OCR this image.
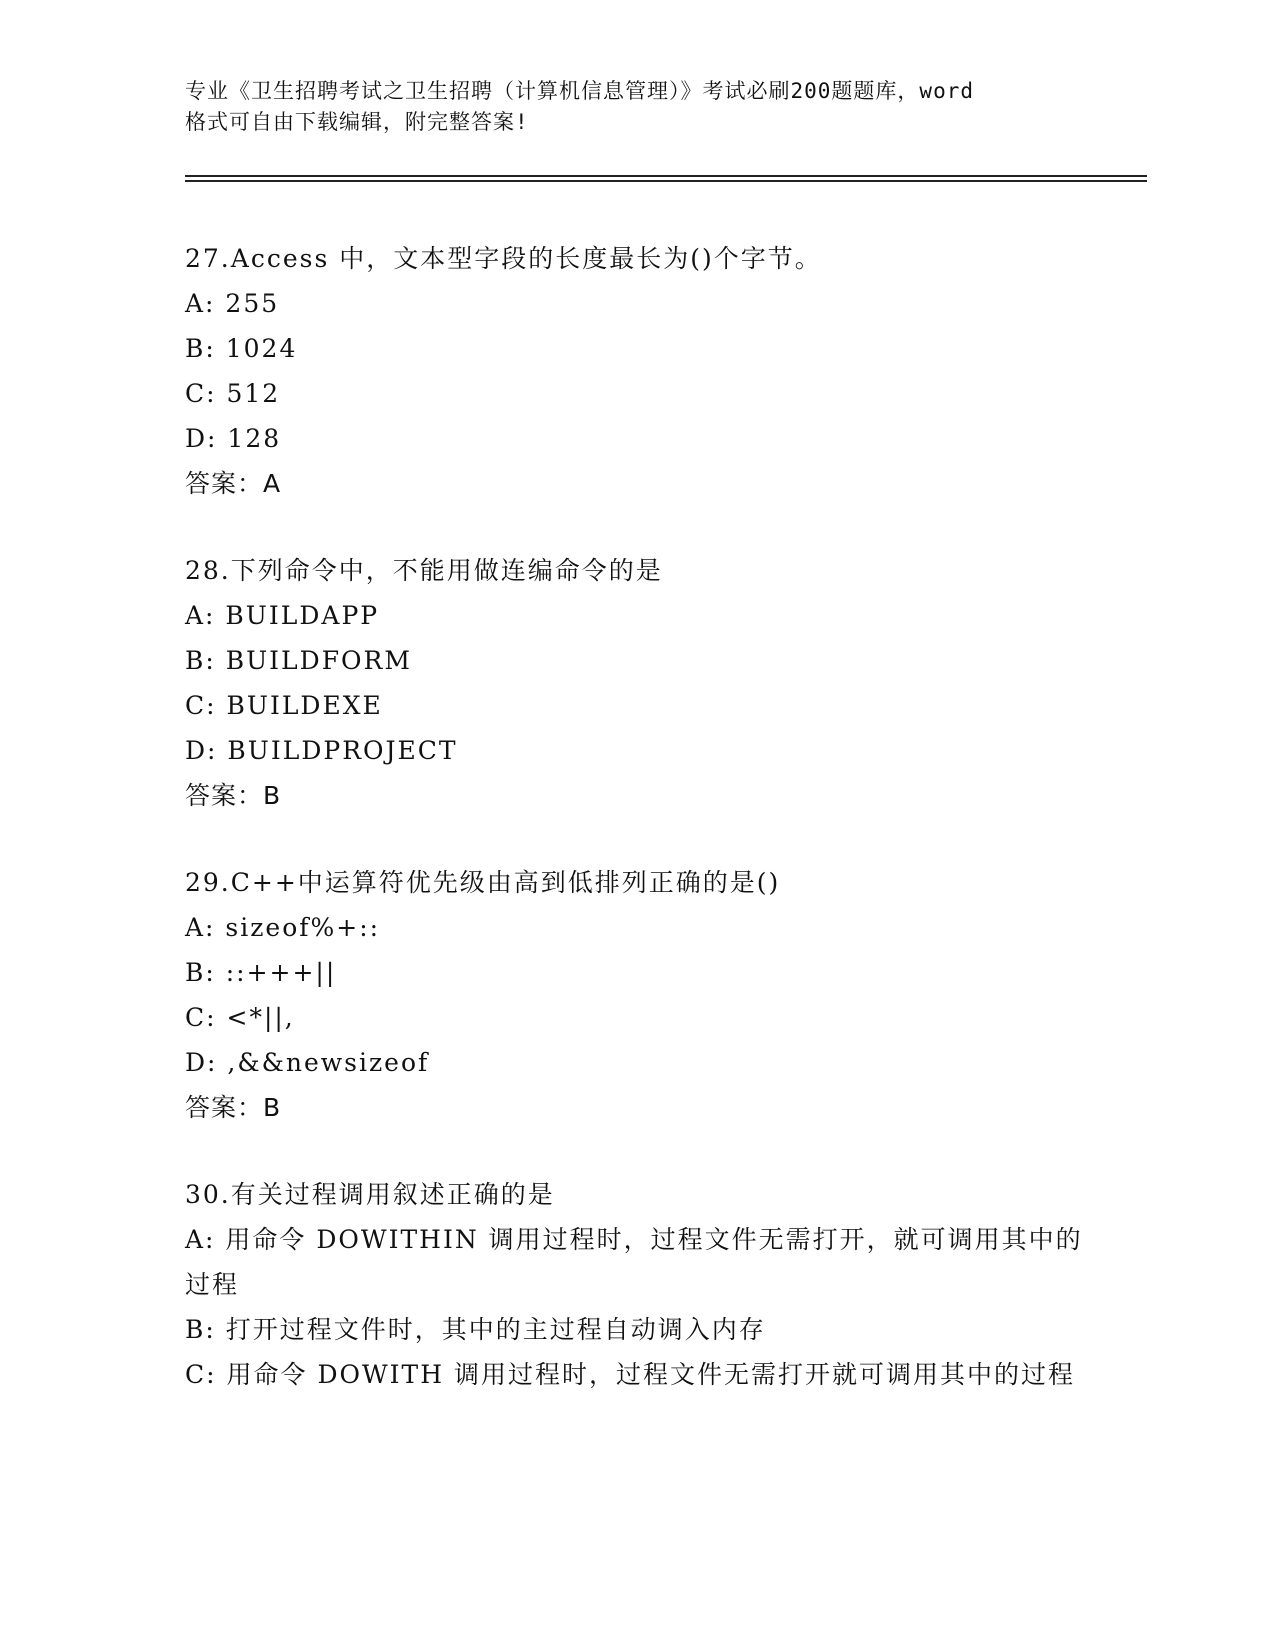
专业《卫生招聘考试之卫生招聘（计算机信息管理）》考试必刷200题题库，word
格式可自由下载编辑，附完整答案!
27.Access 中，文本型字段的长度最长为()个字节。
A: 255
B: 1024
C: 512
D: 128
答案：A
28.下列命令中，不能用做连编命令的是
A: BUILDAPP
B: BUILDFORM
C: BUILDEXE
D: BUILDPROJECT
答案：B
29.C++中运算符优先级由高到低排列正确的是()
A: sizeof%+::
B: ::+++||
C: <*||,
D: ,&&newsizeof
答案：B
30.有关过程调用叙述正确的是
A: 用命令 DOWITHIN 调用过程时，过程文件无需打开，就可调用其中的过程
B: 打开过程文件时，其中的主过程自动调入内存
C: 用命令 DOWITH 调用过程时，过程文件无需打开就可调用其中的过程
